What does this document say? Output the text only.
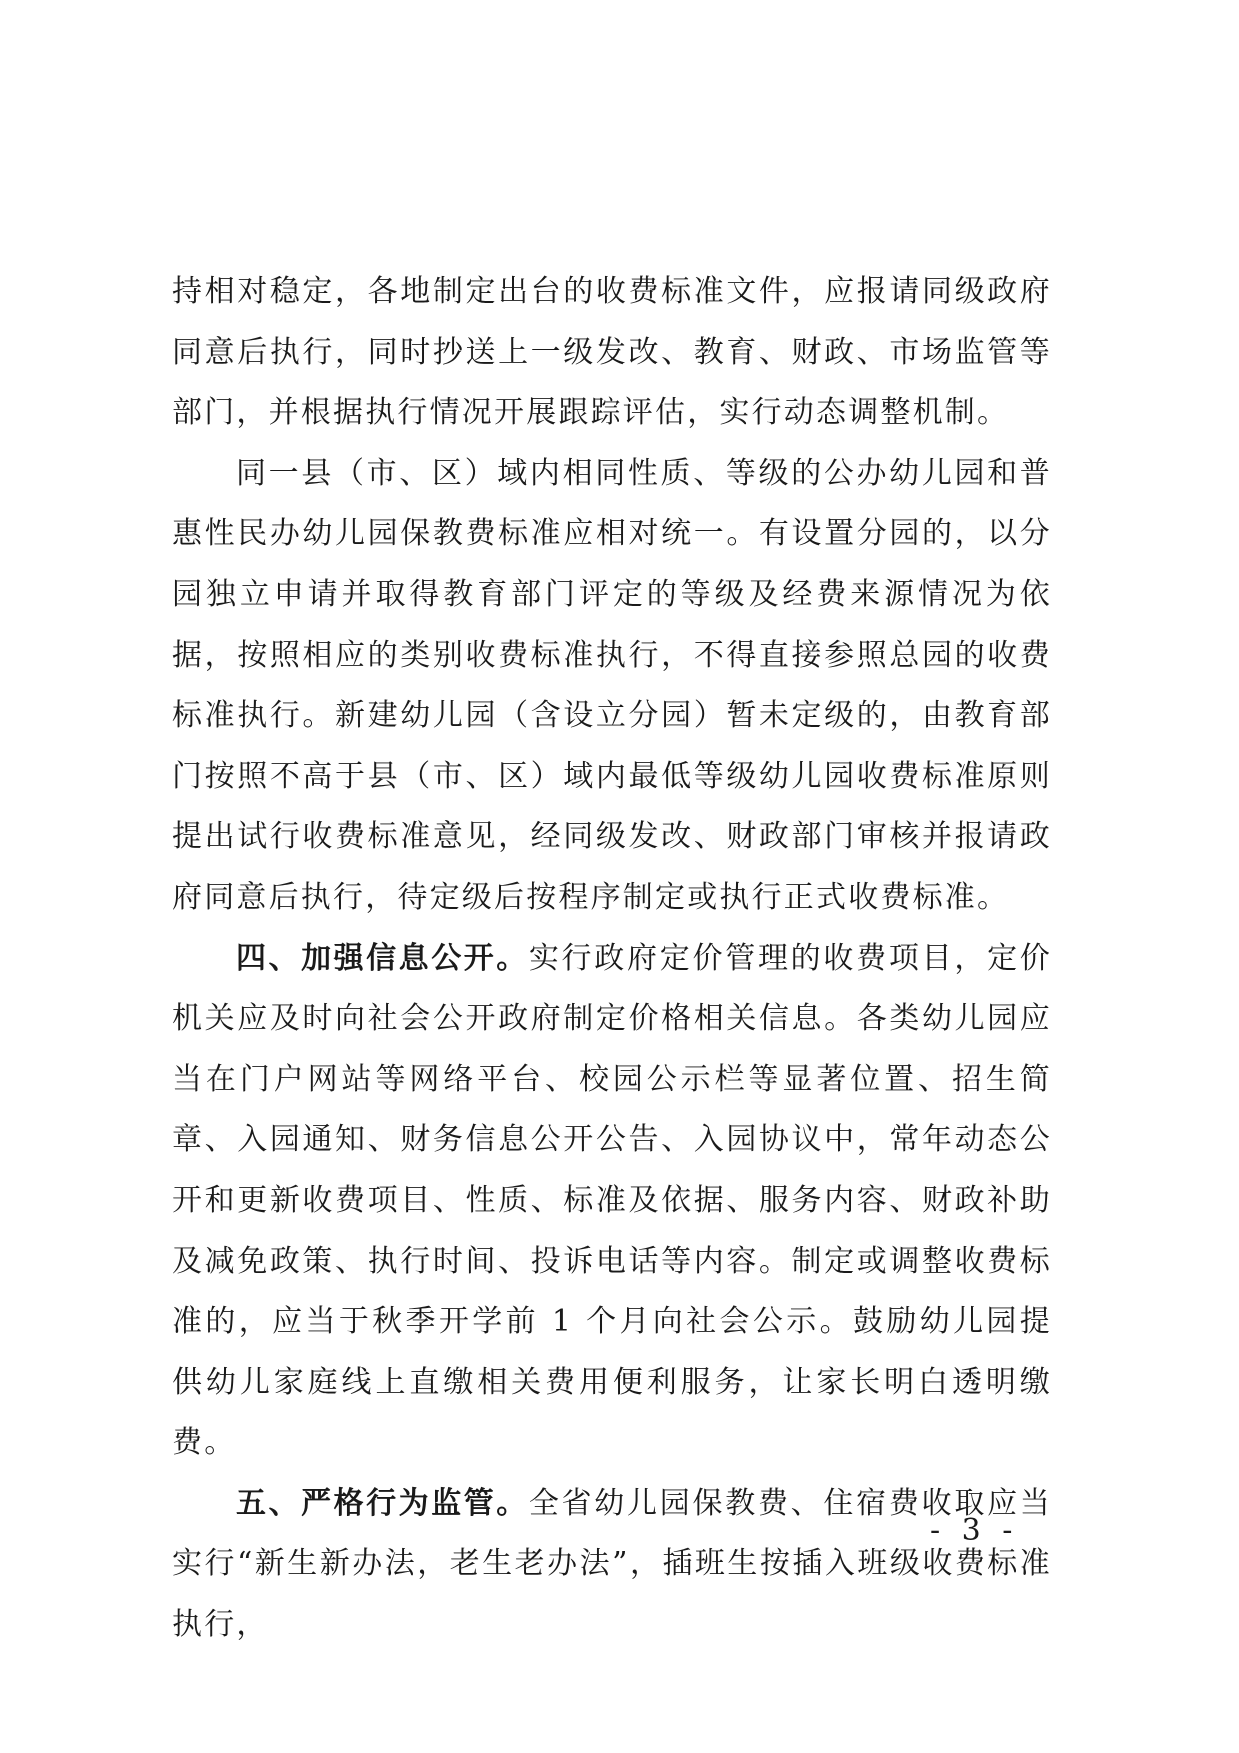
持相对稳定，各地制定出台的收费标准文件，应报请同级政府同意后执行，同时抄送上一级发改、教育、财政、市场监管等部门，并根据执行情况开展跟踪评估，实行动态调整机制。

同一县（市、区）域内相同性质、等级的公办幼儿园和普惠性民办幼儿园保教费标准应相对统一。有设置分园的，以分园独立申请并取得教育部门评定的等级及经费来源情况为依据，按照相应的类别收费标准执行，不得直接参照总园的收费标准执行。新建幼儿园（含设立分园）暂未定级的，由教育部门按照不高于县（市、区）域内最低等级幼儿园收费标准原则提出试行收费标准意见，经同级发改、财政部门审核并报请政府同意后执行，待定级后按程序制定或执行正式收费标准。

四、加强信息公开。实行政府定价管理的收费项目，定价机关应及时向社会公开政府制定价格相关信息。各类幼儿园应当在门户网站等网络平台、校园公示栏等显著位置、招生简章、入园通知、财务信息公开公告、入园协议中，常年动态公开和更新收费项目、性质、标准及依据、服务内容、财政补助及减免政策、执行时间、投诉电话等内容。制定或调整收费标准的，应当于秋季开学前 1 个月向社会公示。鼓励幼儿园提供幼儿家庭线上直缴相关费用便利服务，让家长明白透明缴费。

五、严格行为监管。全省幼儿园保教费、住宿费收取应当实行“新生新办法，老生老办法”，插班生按插入班级收费标准执行，

- 3 -
